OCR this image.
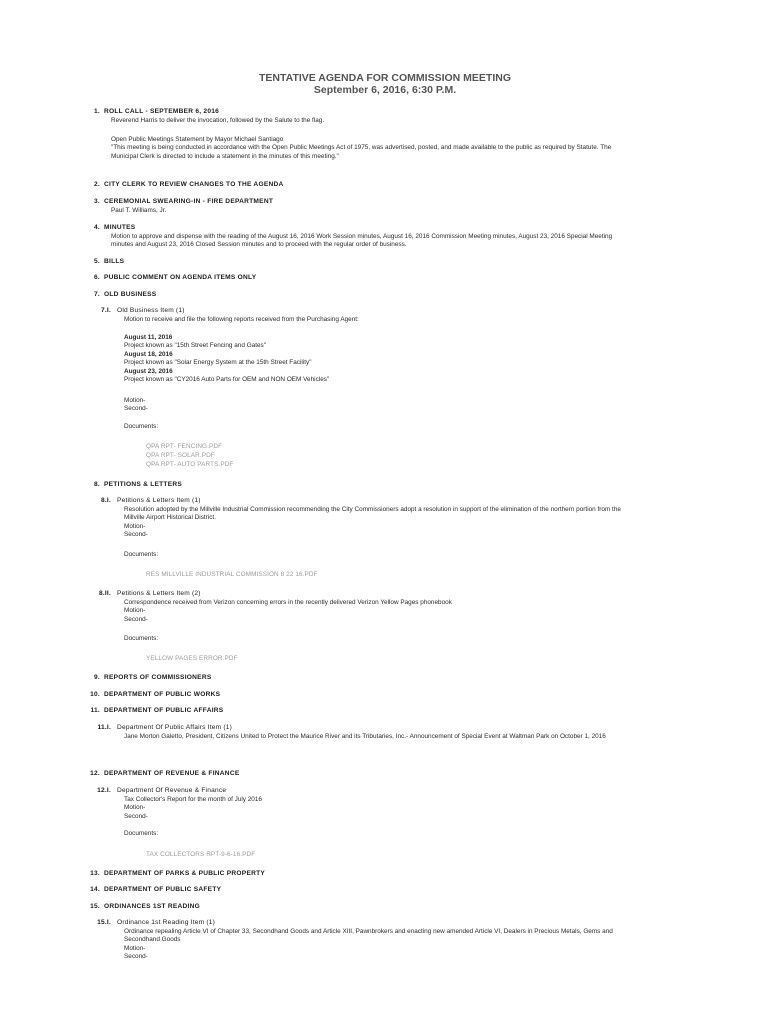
TENTATIVE AGENDA FOR COMMISSION MEETING
September 6, 2016, 6:30 P.M.
1. ROLL CALL - SEPTEMBER 6, 2016
Reverend Harris to deliver the invocation, followed by the Salute to the flag.
Open Public Meetings Statement by Mayor Michael Santiago
"This meeting is being conducted in accordance with the Open Public Meetings Act of 1975, was advertised, posted, and made available to the public as required by Statute. The
Municipal Clerk is directed to include a statement in the minutes of this meeting."
2. CITY CLERK TO REVIEW CHANGES TO THE AGENDA
3. CEREMONIAL SWEARING-IN - FIRE DEPARTMENT
Paul T. Williams, Jr.
4. MINUTES
Motion to approve and dispense with the reading of the August 16, 2016 Work Session minutes, August 16, 2016 Commission Meeting minutes, August 23, 2016 Special Meeting
minutes and August 23, 2016 Closed Session minutes and to proceed with the regular order of business.
5. BILLS
6. PUBLIC COMMENT ON AGENDA ITEMS ONLY
7. OLD BUSINESS
7.I. Old Business Item (1)
Motion to receive and file the following reports received from the Purchasing Agent:
August 11, 2016
Project known as "15th Street Fencing and Gates"
August 18, 2016
Project known as "Solar Energy System at the 15th Street Facility"
August 23, 2016
Project known as "CY2016 Auto Parts for OEM and NON OEM Vehicles"
Motion-
Second-
Documents:
QPA RPT- FENCING.PDF
QPA RPT- SOLAR.PDF
QPA RPT- AUTO PARTS.PDF
8. PETITIONS & LETTERS
8.I. Petitions & Letters Item (1)
Resolution adopted by the Millville Industrial Commission recommending the City Commissioners adopt a resolution in support of the elimination of the northern portion from the
Millville Airport Historical District.
Motion-
Second-
Documents:
RES MILLVILLE INDUSTRIAL COMMISSION 8 22 16.PDF
8.II. Petitions & Letters Item (2)
Correspondence received from Verizon concerning errors in the recently delivered Verizon Yellow Pages phonebook
Motion-
Second-
Documents:
YELLOW PAGES ERROR.PDF
9. REPORTS OF COMMISSIONERS
10. DEPARTMENT OF PUBLIC WORKS
11. DEPARTMENT OF PUBLIC AFFAIRS
11.I. Department Of Public Affairs Item (1)
Jane Morton Galetto, President, Citizens United to Protect the Maurice River and its Tributaries, Inc.- Announcement of Special Event at Waltman Park on October 1, 2016
12. DEPARTMENT OF REVENUE & FINANCE
12.I. Department Of Revenue & Finance
Tax Collector's Report for the month of July 2016
Motion-
Second-
Documents:
TAX COLLECTORS RPT-9-6-16.PDF
13. DEPARTMENT OF PARKS & PUBLIC PROPERTY
14. DEPARTMENT OF PUBLIC SAFETY
15. ORDINANCES 1ST READING
15.I. Ordinance 1st Reading Item (1)
Ordinance repealing Article VI of Chapter 33, Secondhand Goods and Article XIII, Pawnbrokers and enacting new amended Article VI, Dealers in Precious Metals, Gems and
Secondhand Goods
Motion-
Second-
